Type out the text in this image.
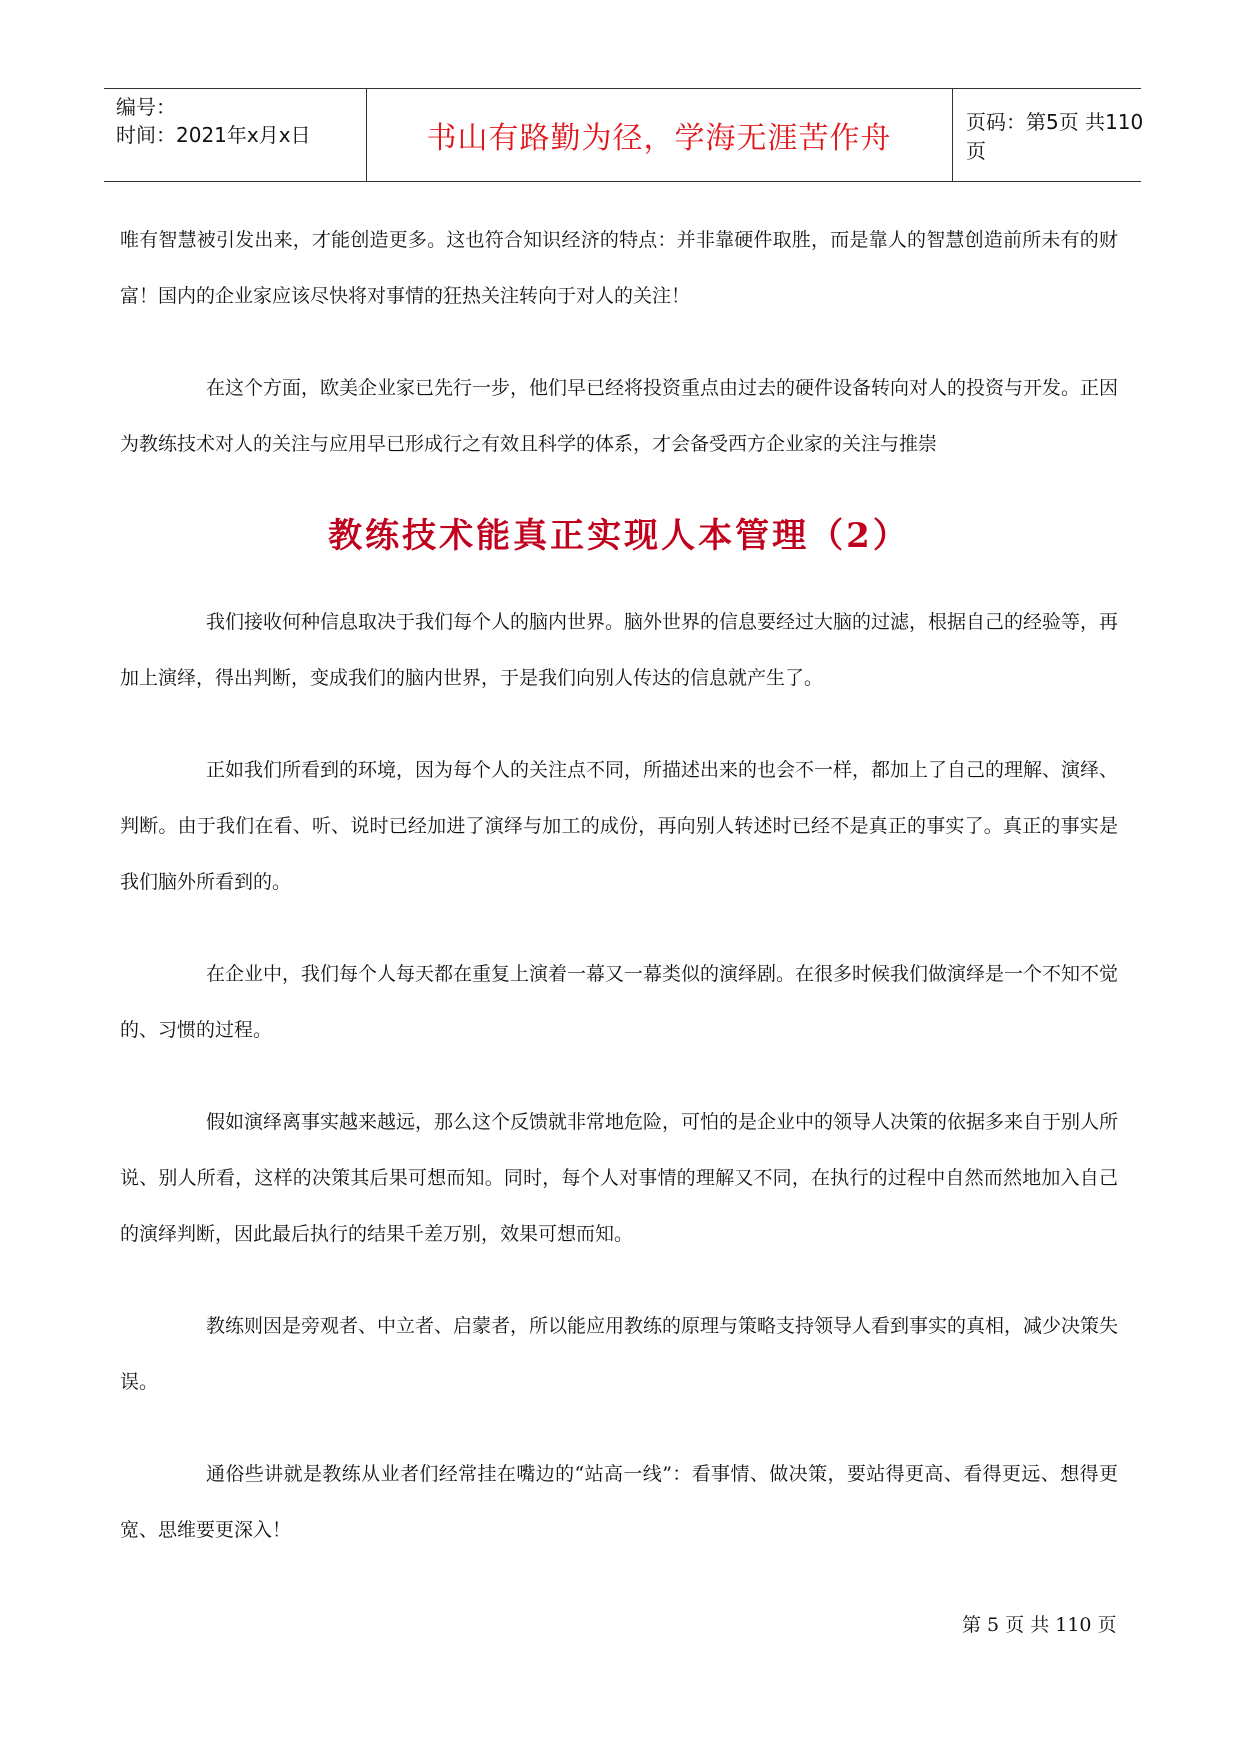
编号：
时间：2021年x月x日	书山有路勤为径，学海无涯苦作舟	页码：第5页 共110页

唯有智慧被引发出来，才能创造更多。这也符合知识经济的特点：并非靠硬件取胜，而是靠人的智慧创造前所未有的财富！国内的企业家应该尽快将对事情的狂热关注转向于对人的关注！

在这个方面，欧美企业家已先行一步，他们早已经将投资重点由过去的硬件设备转向对人的投资与开发。正因为教练技术对人的关注与应用早已形成行之有效且科学的体系，才会备受西方企业家的关注与推崇

教练技术能真正实现人本管理（2）

我们接收何种信息取决于我们每个人的脑内世界。脑外世界的信息要经过大脑的过滤，根据自己的经验等，再加上演绎，得出判断，变成我们的脑内世界，于是我们向别人传达的信息就产生了。

正如我们所看到的环境，因为每个人的关注点不同，所描述出来的也会不一样，都加上了自己的理解、演绎、判断。由于我们在看、听、说时已经加进了演绎与加工的成份，再向别人转述时已经不是真正的事实了。真正的事实是我们脑外所看到的。

在企业中，我们每个人每天都在重复上演着一幕又一幕类似的演绎剧。在很多时候我们做演绎是一个不知不觉的、习惯的过程。

假如演绎离事实越来越远，那么这个反馈就非常地危险，可怕的是企业中的领导人决策的依据多来自于别人所说、别人所看，这样的决策其后果可想而知。同时，每个人对事情的理解又不同，在执行的过程中自然而然地加入自己的演绎判断，因此最后执行的结果千差万别，效果可想而知。

教练则因是旁观者、中立者、启蒙者，所以能应用教练的原理与策略支持领导人看到事实的真相，减少决策失误。

通俗些讲就是教练从业者们经常挂在嘴边的“站高一线”：看事情、做决策，要站得更高、看得更远、想得更宽、思维要更深入！

第 5 页 共 110 页
